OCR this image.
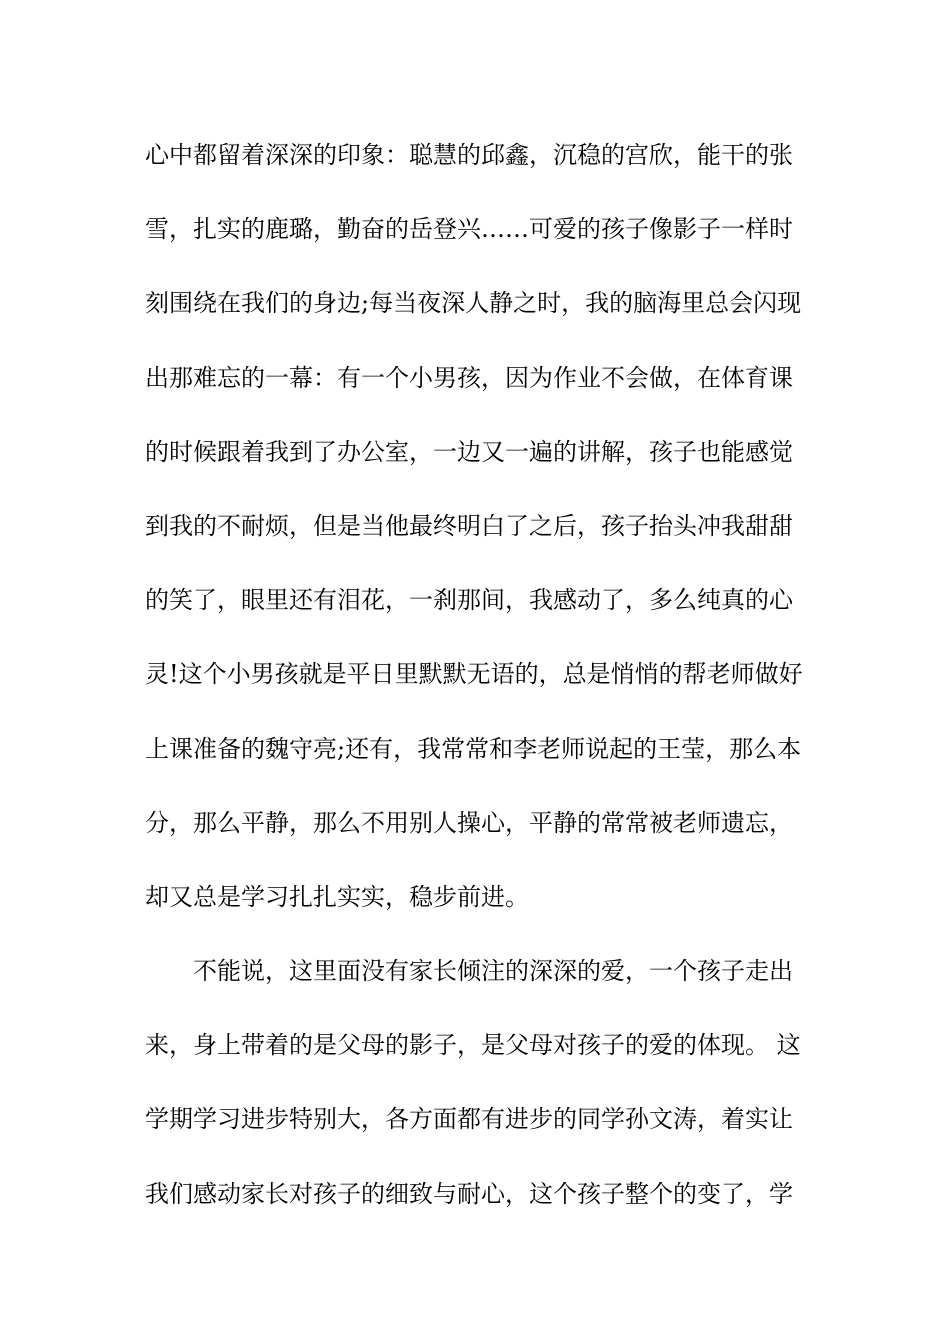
心中都留着深深的印象：聪慧的邱鑫，沉稳的宫欣，能干的张
雪，扎实的鹿璐，勤奋的岳登兴……可爱的孩子像影子一样时
刻围绕在我们的身边;每当夜深人静之时，我的脑海里总会闪现
出那难忘的一幕：有一个小男孩，因为作业不会做，在体育课
的时候跟着我到了办公室，一边又一遍的讲解，孩子也能感觉
到我的不耐烦，但是当他最终明白了之后，孩子抬头冲我甜甜
的笑了，眼里还有泪花，一刹那间，我感动了，多么纯真的心
灵!这个小男孩就是平日里默默无语的，总是悄悄的帮老师做好
上课准备的魏守亮;还有，我常常和李老师说起的王莹，那么本
分，那么平静，那么不用别人操心，平静的常常被老师遗忘，
却又总是学习扎扎实实，稳步前进。
不能说，这里面没有家长倾注的深深的爱，一个孩子走出
来，身上带着的是父母的影子，是父母对孩子的爱的体现。 这
学期学习进步特别大，各方面都有进步的同学孙文涛，着实让
我们感动家长对孩子的细致与耐心，这个孩子整个的变了，学
